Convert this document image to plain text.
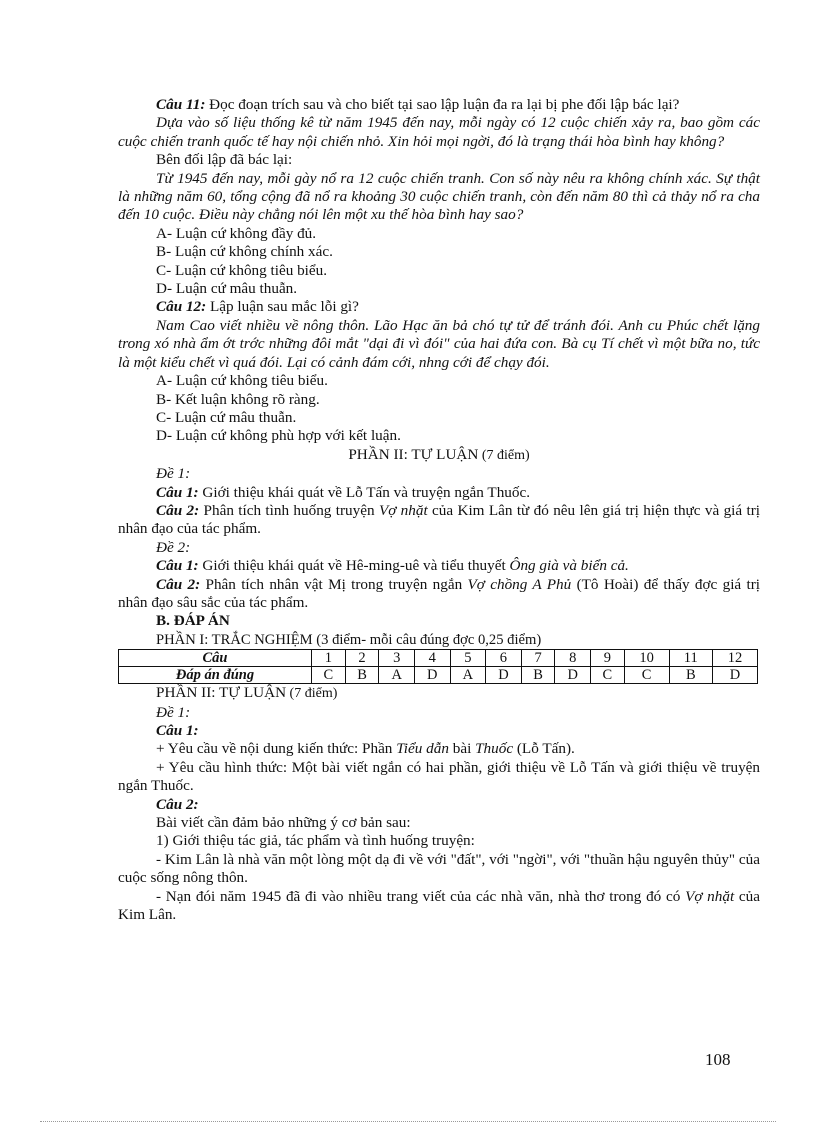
Câu 11: Đọc đoạn trích sau và cho biết tại sao lập luận đa ra lại bị phe đối lập bác lại?

Dựa vào số liệu thống kê từ năm 1945 đến nay, mỗi ngày có 12 cuộc chiến xảy ra, bao gồm các cuộc chiến tranh quốc tế hay nội chiến nhỏ. Xin hỏi mọi ngời, đó là trạng thái hòa bình hay không?

Bên đối lập đã bác lại:

Từ 1945 đến nay, mỗi gày nổ ra 12 cuộc chiến tranh. Con số này nêu ra không chính xác. Sự thật là những năm 60, tổng cộng đã nổ ra khoảng 30 cuộc chiến tranh, còn đến năm 80 thì cả thảy nổ ra cha đến 10 cuộc. Điều này chẳng nói lên một xu thế hòa bình hay sao?

A- Luận cứ không đầy đủ.

B- Luận cứ không chính xác.

C- Luận cứ không tiêu biểu.

D- Luận cứ mâu thuẫn.

Câu 12: Lập luận sau mắc lỗi gì?

Nam Cao viết nhiều về nông thôn. Lão Hạc ăn bả chó tự tử để tránh đói. Anh cu Phúc chết lặng trong xó nhà ẩm ớt trớc những đôi mắt "dại đi vì đói" của hai đứa con. Bà cụ Tí chết vì một bữa no, tức là một kiểu chết vì quá đói. Lại có cảnh đám cới, nhng cới để chạy đói.

A- Luận cứ không tiêu biểu.

B- Kết luận không rõ ràng.

C- Luận cứ mâu thuẫn.

D- Luận cứ không phù hợp với kết luận.

PHẦN II: TỰ LUẬN (7 điểm)

Đề 1:

Câu 1: Giới thiệu khái quát về Lỗ Tấn và truyện ngắn Thuốc.

Câu 2: Phân tích tình huống truyện Vợ nhặt của Kim Lân từ đó nêu lên giá trị hiện thực và giá trị nhân đạo của tác phẩm.

Đề 2:

Câu 1: Giới thiệu khái quát về Hê-ming-uê và tiểu thuyết Ông già và biển cả.

Câu 2: Phân tích nhân vật Mị trong truyện ngắn Vợ chồng A Phủ (Tô Hoài) để thấy đợc giá trị nhân đạo sâu sắc của tác phẩm.

B. ĐÁP ÁN

PHẦN I: TRẮC NGHIỆM (3 điểm- mỗi câu đúng đợc 0,25 điểm)

Câu	1	2	3	4	5	6	7	8	9	10	11	12
Đáp án đúng	C	B	A	D	A	D	B	D	C	C	B	D

PHẦN II: TỰ LUẬN (7 điểm)

Đề 1:

Câu 1:

+ Yêu cầu về nội dung kiến thức: Phần Tiểu dẫn bài Thuốc (Lỗ Tấn).

+ Yêu cầu hình thức: Một bài viết ngắn có hai phần, giới thiệu về Lỗ Tấn và giới thiệu về truyện ngắn Thuốc.

Câu 2:

Bài viết cần đảm bảo những ý cơ bản sau:

1) Giới thiệu tác giả, tác phẩm và tình huống truyện:

- Kim Lân là nhà văn một lòng một dạ đi về với "đất", với "ngời", với "thuần hậu nguyên thủy" của cuộc sống nông thôn.

- Nạn đói năm 1945 đã đi vào nhiều trang viết của các nhà văn, nhà thơ trong đó có Vợ nhặt của Kim Lân.

108
